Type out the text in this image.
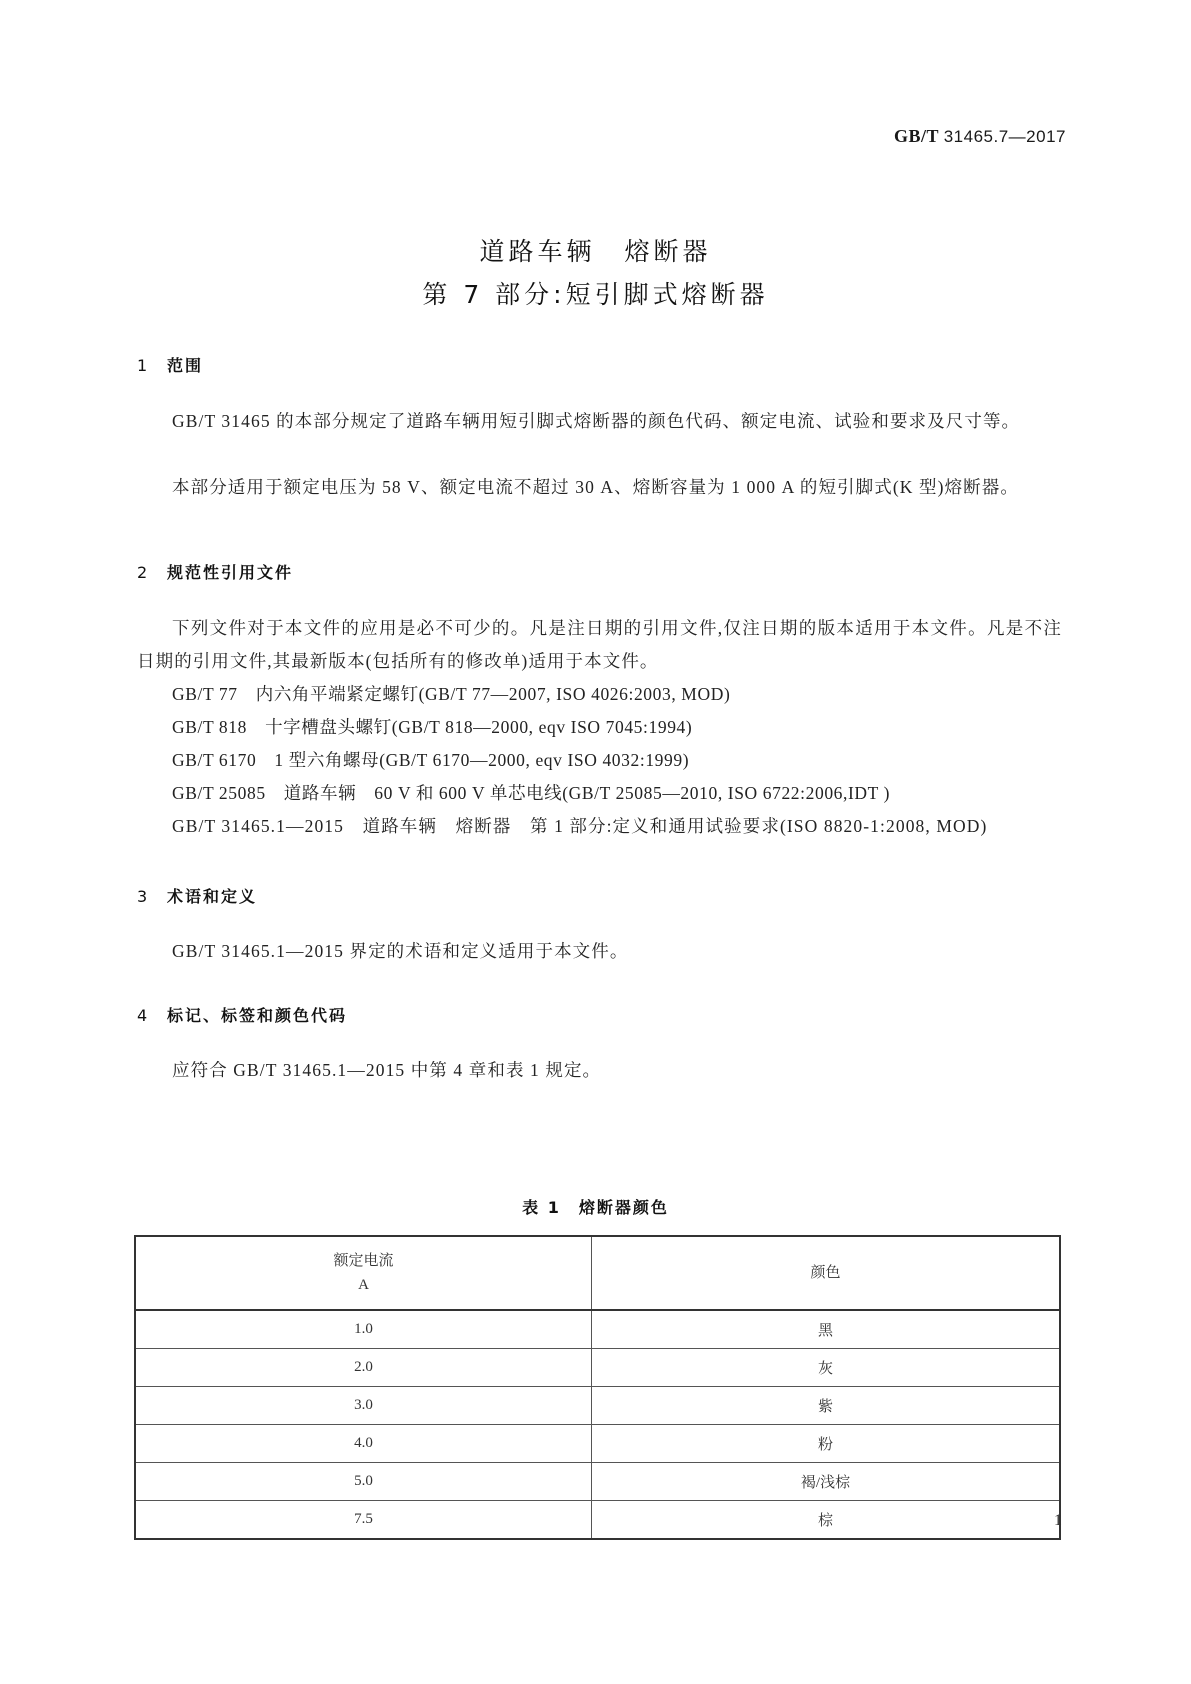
GB/T 31465.7—2017
道路车辆　熔断器
第 7 部分:短引脚式熔断器
1 范围
GB/T 31465 的本部分规定了道路车辆用短引脚式熔断器的颜色代码、额定电流、试验和要求及尺寸等。
本部分适用于额定电压为 58 V、额定电流不超过 30 A、熔断容量为 1 000 A 的短引脚式(K 型)熔断器。
2 规范性引用文件
下列文件对于本文件的应用是必不可少的。凡是注日期的引用文件,仅注日期的版本适用于本文件。凡是不注日期的引用文件,其最新版本(包括所有的修改单)适用于本文件。
GB/T 77　内六角平端紧定螺钉(GB/T 77—2007, ISO 4026:2003, MOD)
GB/T 818　十字槽盘头螺钉(GB/T 818—2000, eqv ISO 7045:1994)
GB/T 6170　1 型六角螺母(GB/T 6170—2000, eqv ISO 4032:1999)
GB/T 25085　道路车辆　60 V 和 600 V 单芯电线(GB/T 25085—2010, ISO 6722:2006,IDT )
GB/T 31465.1—2015　道路车辆　熔断器　第 1 部分:定义和通用试验要求(ISO 8820-1:2008, MOD)
3 术语和定义
GB/T 31465.1—2015 界定的术语和定义适用于本文件。
4 标记、标签和颜色代码
应符合 GB/T 31465.1—2015 中第 4 章和表 1 规定。
表 1　熔断器颜色
额定电流
A	颜色
1.0	黑
2.0	灰
3.0	紫
4.0	粉
5.0	褐/浅棕
7.5	棕	1
